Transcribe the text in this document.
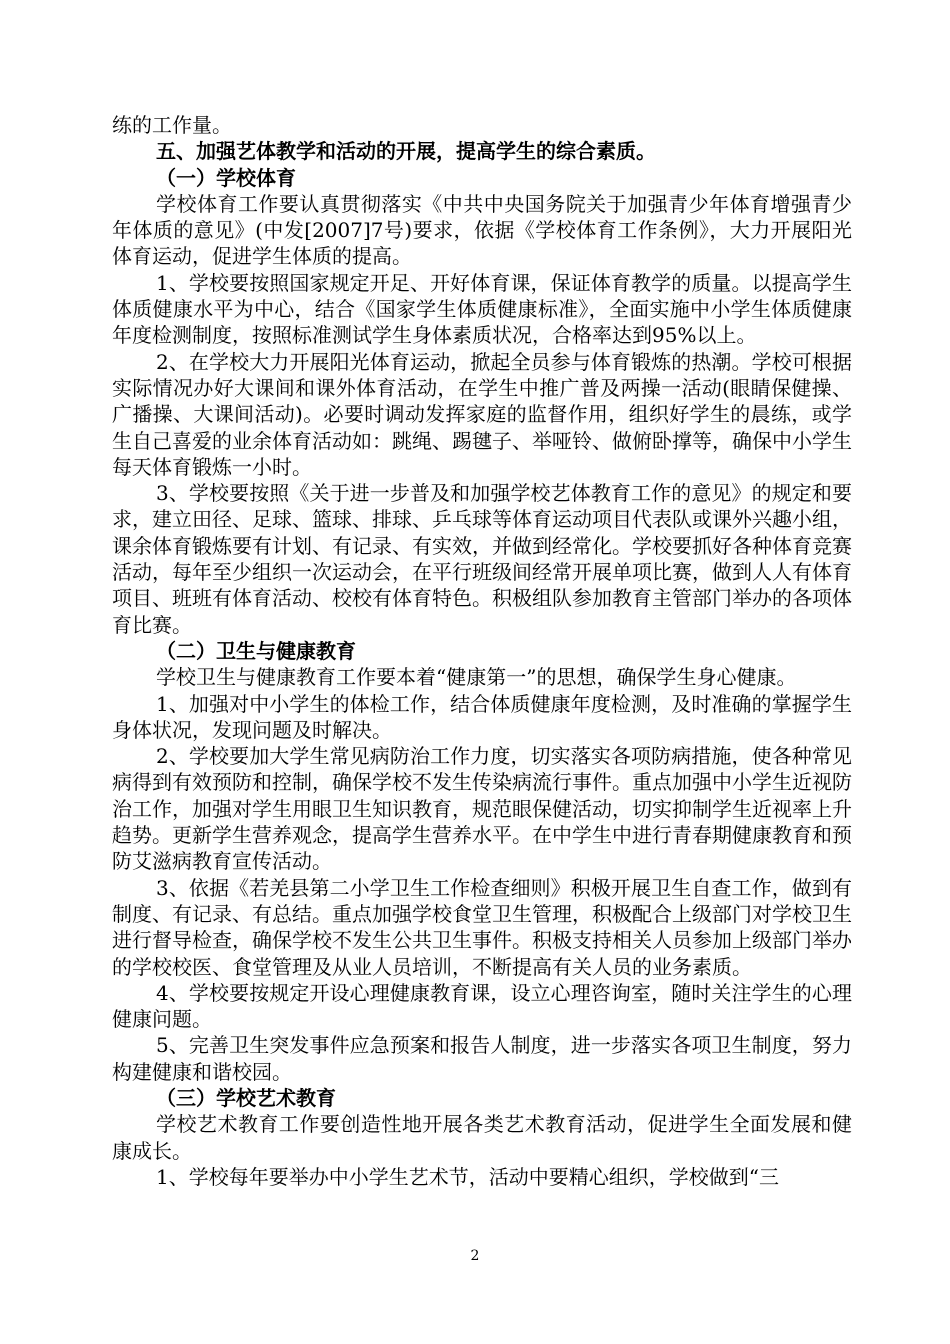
练的工作量。

五、加强艺体教学和活动的开展，提高学生的综合素质。

（一）学校体育

学校体育工作要认真贯彻落实《中共中央国务院关于加强青少年体育增强青少年体质的意见》(中发[2007]7号)要求，依据《学校体育工作条例》，大力开展阳光体育运动，促进学生体质的提高。

1、学校要按照国家规定开足、开好体育课，保证体育教学的质量。以提高学生体质健康水平为中心，结合《国家学生体质健康标准》，全面实施中小学生体质健康年度检测制度，按照标准测试学生身体素质状况，合格率达到95%以上。

2、在学校大力开展阳光体育运动，掀起全员参与体育锻炼的热潮。学校可根据实际情况办好大课间和课外体育活动，在学生中推广普及两操一活动(眼睛保健操、广播操、大课间活动)。必要时调动发挥家庭的监督作用，组织好学生的晨练，或学生自己喜爱的业余体育活动如：跳绳、踢毽子、举哑铃、做俯卧撑等，确保中小学生每天体育锻炼一小时。

3、学校要按照《关于进一步普及和加强学校艺体教育工作的意见》的规定和要求，建立田径、足球、篮球、排球、乒乓球等体育运动项目代表队或课外兴趣小组，课余体育锻炼要有计划、有记录、有实效，并做到经常化。学校要抓好各种体育竞赛活动，每年至少组织一次运动会，在平行班级间经常开展单项比赛，做到人人有体育项目、班班有体育活动、校校有体育特色。积极组队参加教育主管部门举办的各项体育比赛。

（二）卫生与健康教育

学校卫生与健康教育工作要本着“健康第一”的思想，确保学生身心健康。

1、加强对中小学生的体检工作，结合体质健康年度检测，及时准确的掌握学生身体状况，发现问题及时解决。

2、学校要加大学生常见病防治工作力度，切实落实各项防病措施，使各种常见病得到有效预防和控制，确保学校不发生传染病流行事件。重点加强中小学生近视防治工作，加强对学生用眼卫生知识教育，规范眼保健活动，切实抑制学生近视率上升趋势。更新学生营养观念，提高学生营养水平。在中学生中进行青春期健康教育和预防艾滋病教育宣传活动。

3、依据《若羌县第二小学卫生工作检查细则》积极开展卫生自查工作，做到有制度、有记录、有总结。重点加强学校食堂卫生管理，积极配合上级部门对学校卫生进行督导检查，确保学校不发生公共卫生事件。积极支持相关人员参加上级部门举办的学校校医、食堂管理及从业人员培训，不断提高有关人员的业务素质。

4、学校要按规定开设心理健康教育课，设立心理咨询室，随时关注学生的心理健康问题。

5、完善卫生突发事件应急预案和报告人制度，进一步落实各项卫生制度，努力构建健康和谐校园。

（三）学校艺术教育

学校艺术教育工作要创造性地开展各类艺术教育活动，促进学生全面发展和健康成长。

1、学校每年要举办中小学生艺术节，活动中要精心组织，学校做到“三

2
